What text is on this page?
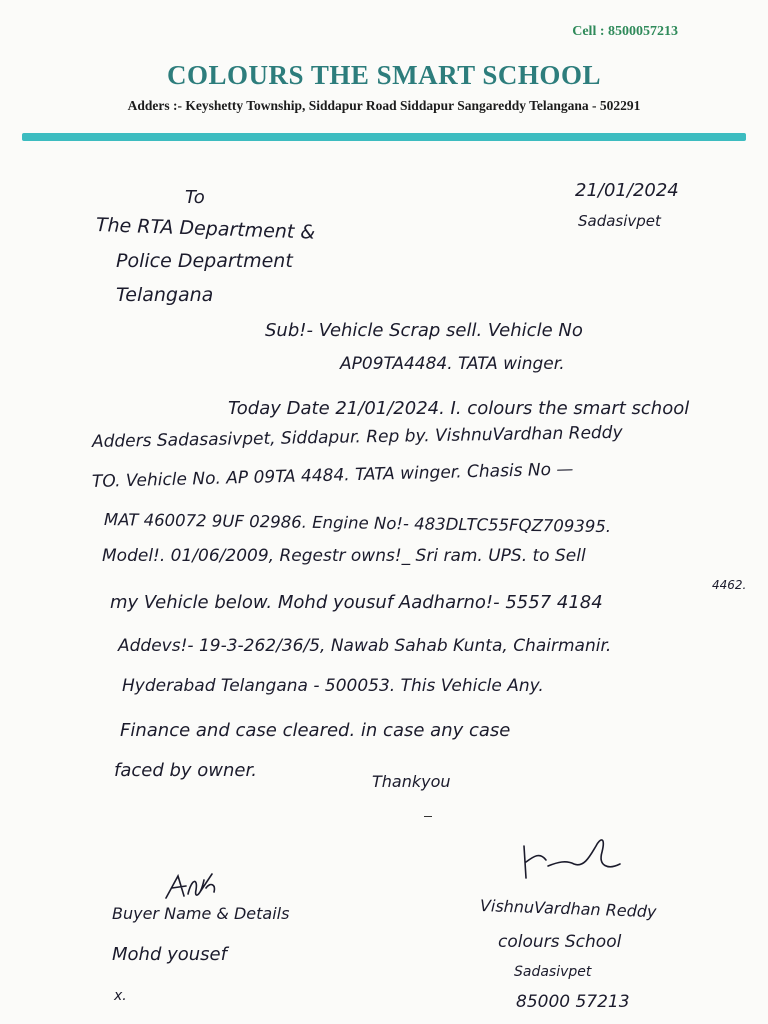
Cell : 8500057213
COLOURS THE SMART SCHOOL
Adders :- Keyshetty Township, Siddapur Road Siddapur Sangareddy Telangana - 502291
To	21/01/2024
Sadasivpet
The RTA Department &
Police Department
Telangana
Sub!- Vehicle Scrap sell. Vehicle No
AP09TA4484. TATA winger.
Today Date 21/01/2024. I. colours the smart school
Adders Sadasasivpet, Siddapur. Rep by. VishnuVardhan Reddy
TO. Vehicle No. AP 09TA 4484. TATA winger. Chasis No —
MAT 460072 9UF 02986. Engine No!- 483DLTC55FQZ709395.
Model!. 01/06/2009, Regestr owns!_ Sri ram. UPS. to Sell
my Vehicle below. Mohd yousuf Aadharno!- 5557 4184
4462.
Addevs!- 19-3-262/36/5, Nawab Sahab Kunta, Chairmanir.
Hyderabad Telangana - 500053. This Vehicle Any.
Finance and case cleared. in case any case
faced by owner.
Thankyou
Buyer Name & Details
Mohd yousef
x.
VishnuVardhan Reddy
colours School
Sadasivpet
85000 57213
